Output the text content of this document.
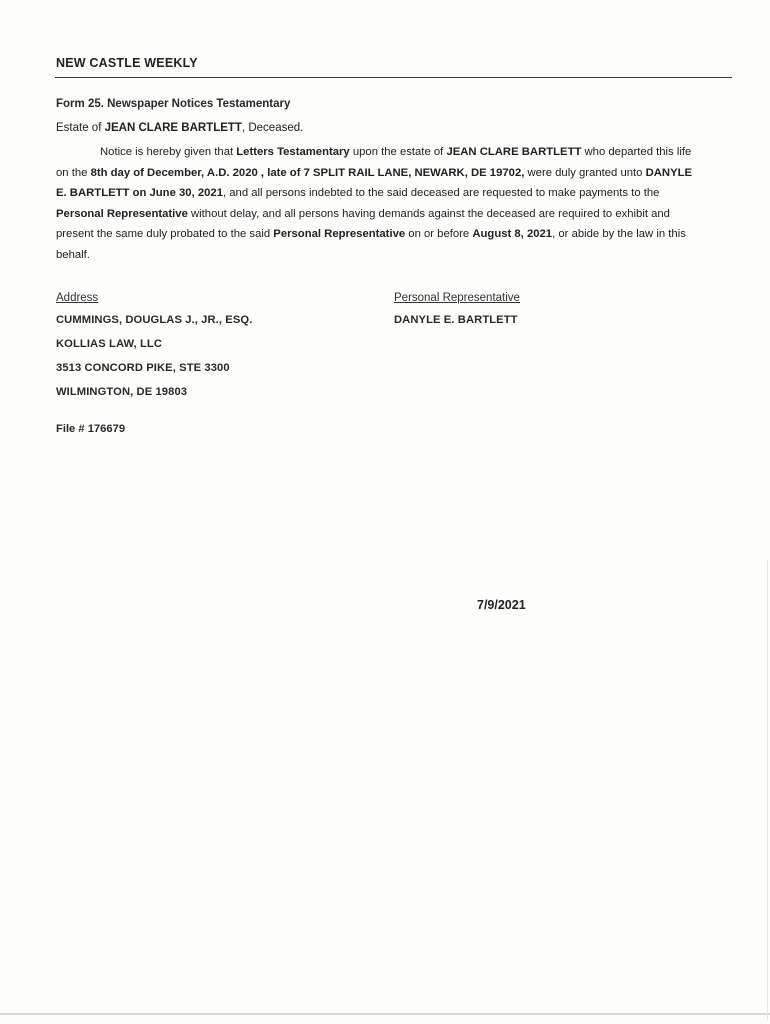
NEW CASTLE WEEKLY
Form 25. Newspaper Notices Testamentary
Estate of JEAN CLARE BARTLETT, Deceased.

Notice is hereby given that Letters Testamentary upon the estate of JEAN CLARE BARTLETT who departed this life on the 8th day of December, A.D. 2020 , late of 7 SPLIT RAIL LANE, NEWARK, DE 19702, were duly granted unto DANYLE E. BARTLETT on June 30, 2021, and all persons indebted to the said deceased are requested to make payments to the Personal Representative without delay, and all persons having demands against the deceased are required to exhibit and present the same duly probated to the said Personal Representative on or before August 8, 2021, or abide by the law in this behalf.

Address
CUMMINGS, DOUGLAS J., JR., ESQ.
KOLLIAS LAW, LLC
3513 CONCORD PIKE, STE 3300
WILMINGTON, DE 19803
Personal Representative
DANYLE E. BARTLETT
File # 176679
7/9/2021
